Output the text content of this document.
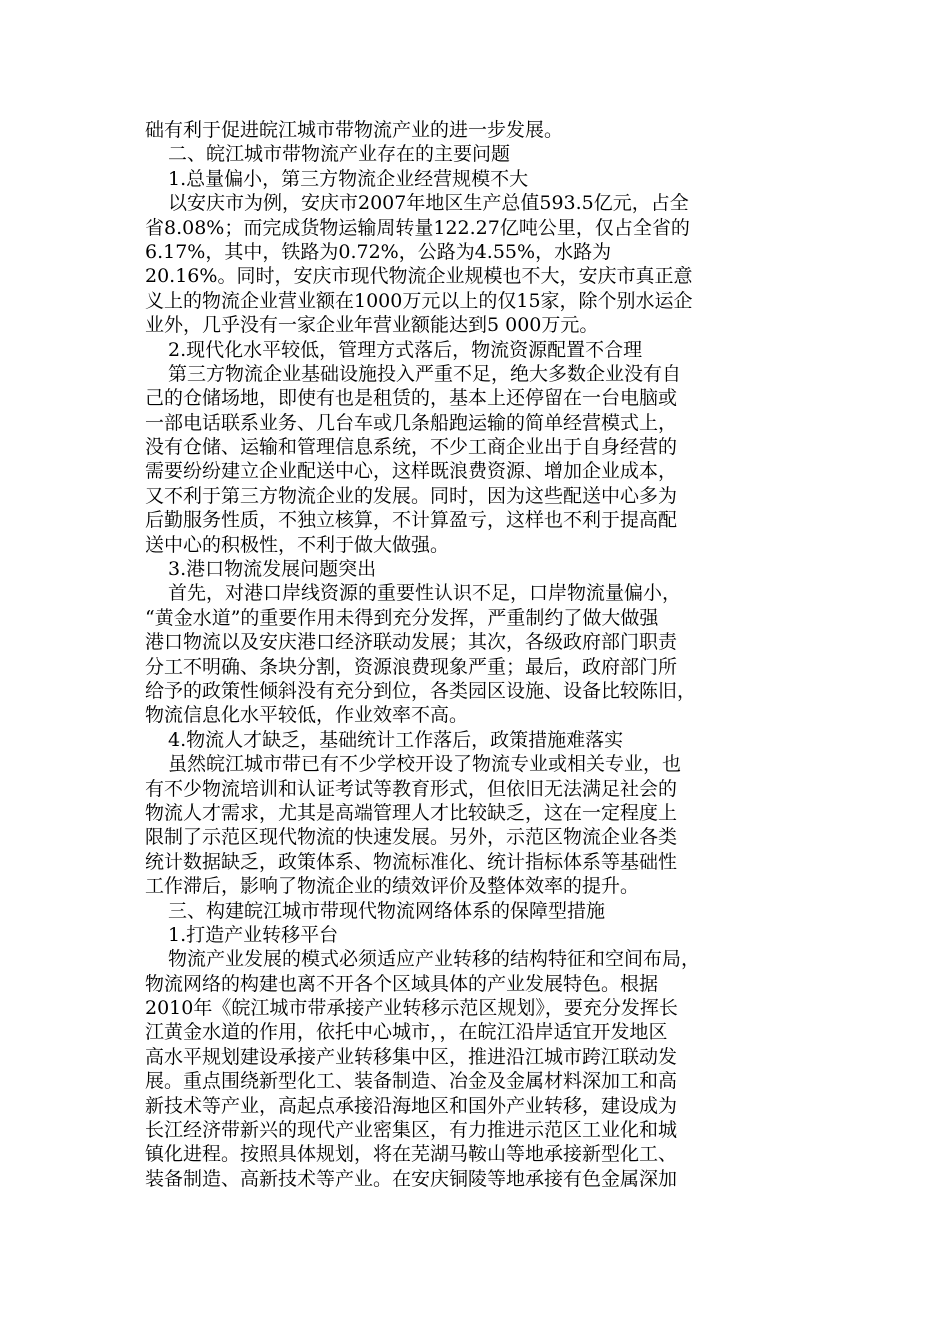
础有利于促进皖江城市带物流产业的进一步发展。
二、皖江城市带物流产业存在的主要问题
1.总量偏小，第三方物流企业经营规模不大
以安庆市为例，安庆市2007年地区生产总值593.5亿元，占全
省8.08%；而完成货物运输周转量122.27亿吨公里，仅占全省的
6.17%，其中，铁路为0.72%，公路为4.55%，水路为
20.16%。同时，安庆市现代物流企业规模也不大，安庆市真正意
义上的物流企业营业额在1000万元以上的仅15家，除个别水运企
业外，几乎没有一家企业年营业额能达到5 000万元。
2.现代化水平较低，管理方式落后，物流资源配置不合理
第三方物流企业基础设施投入严重不足，绝大多数企业没有自
己的仓储场地，即使有也是租赁的，基本上还停留在一台电脑或
一部电话联系业务、几台车或几条船跑运输的简单经营模式上，
没有仓储、运输和管理信息系统，不少工商企业出于自身经营的
需要纷纷建立企业配送中心，这样既浪费资源、增加企业成本，
又不利于第三方物流企业的发展。同时，因为这些配送中心多为
后勤服务性质，不独立核算，不计算盈亏，这样也不利于提高配
送中心的积极性，不利于做大做强。
3.港口物流发展问题突出
首先，对港口岸线资源的重要性认识不足，口岸物流量偏小，
“黄金水道”的重要作用未得到充分发挥，严重制约了做大做强
港口物流以及安庆港口经济联动发展；其次，各级政府部门职责
分工不明确、条块分割，资源浪费现象严重；最后，政府部门所
给予的政策性倾斜没有充分到位，各类园区设施、设备比较陈旧，
物流信息化水平较低，作业效率不高。
4.物流人才缺乏，基础统计工作落后，政策措施难落实
虽然皖江城市带已有不少学校开设了物流专业或相关专业，也
有不少物流培训和认证考试等教育形式，但依旧无法满足社会的
物流人才需求，尤其是高端管理人才比较缺乏，这在一定程度上
限制了示范区现代物流的快速发展。另外，示范区物流企业各类
统计数据缺乏，政策体系、物流标准化、统计指标体系等基础性
工作滞后，影响了物流企业的绩效评价及整体效率的提升。
三、构建皖江城市带现代物流网络体系的保障型措施
1.打造产业转移平台
物流产业发展的模式必须适应产业转移的结构特征和空间布局，
物流网络的构建也离不开各个区域具体的产业发展特色。根据
2010年《皖江城市带承接产业转移示范区规划》，要充分发挥长
江黄金水道的作用，依托中心城市，，在皖江沿岸适宜开发地区
高水平规划建设承接产业转移集中区，推进沿江城市跨江联动发
展。重点围绕新型化工、装备制造、冶金及金属材料深加工和高
新技术等产业，高起点承接沿海地区和国外产业转移，建设成为
长江经济带新兴的现代产业密集区，有力推进示范区工业化和城
镇化进程。按照具体规划，将在芜湖马鞍山等地承接新型化工、
装备制造、高新技术等产业。在安庆铜陵等地承接有色金属深加
